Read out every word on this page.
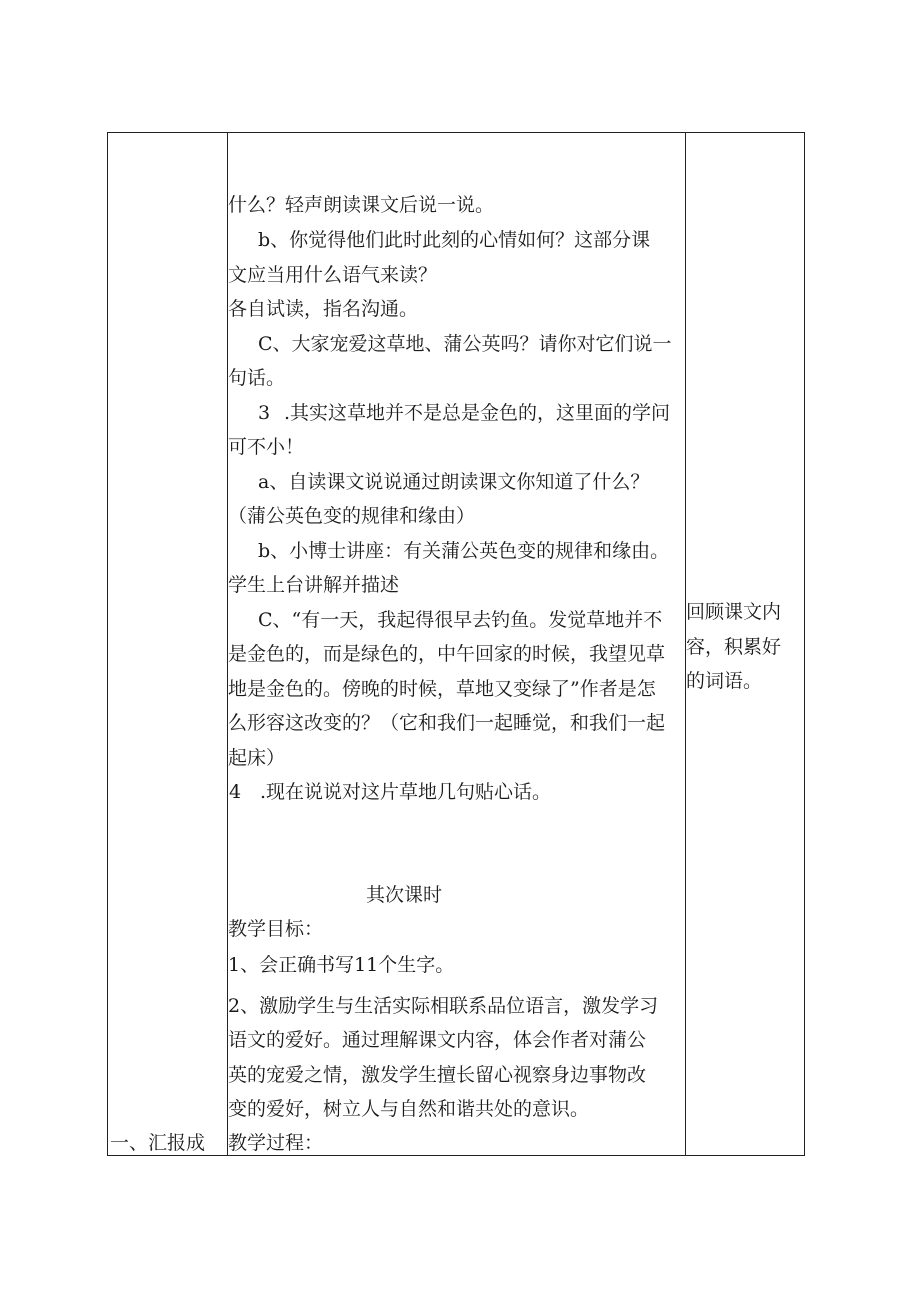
什么？轻声朗读课文后说一说。
b、你觉得他们此时此刻的心情如何？这部分课
文应当用什么语气来读？
各自试读，指名沟通。
C、大家宠爱这草地、蒲公英吗？请你对它们说一
句话。
3 .其实这草地并不是总是金色的，这里面的学问
可不小！
a、自读课文说说通过朗读课文你知道了什么？
（蒲公英色变的规律和缘由）
b、小博士讲座：有关蒲公英色变的规律和缘由。
学生上台讲解并描述
C、“有一天，我起得很早去钓鱼。发觉草地并不
是金色的，而是绿色的，中午回家的时候，我望见草
地是金色的。傍晚的时候，草地又变绿了”作者是怎
么形容这改变的？（它和我们一起睡觉，和我们一起
起床）
4 .现在说说对这片草地几句贴心话。
其次课时
教学目标：
1、会正确书写11个生字。
2、激励学生与生活实际相联系品位语言，激发学习
语文的爱好。通过理解课文内容，体会作者对蒲公
英的宠爱之情，激发学生擅长留心视察身边事物改
变的爱好，树立人与自然和谐共处的意识。
教学过程：
一、汇报成
回顾课文内
容，积累好
的词语。
